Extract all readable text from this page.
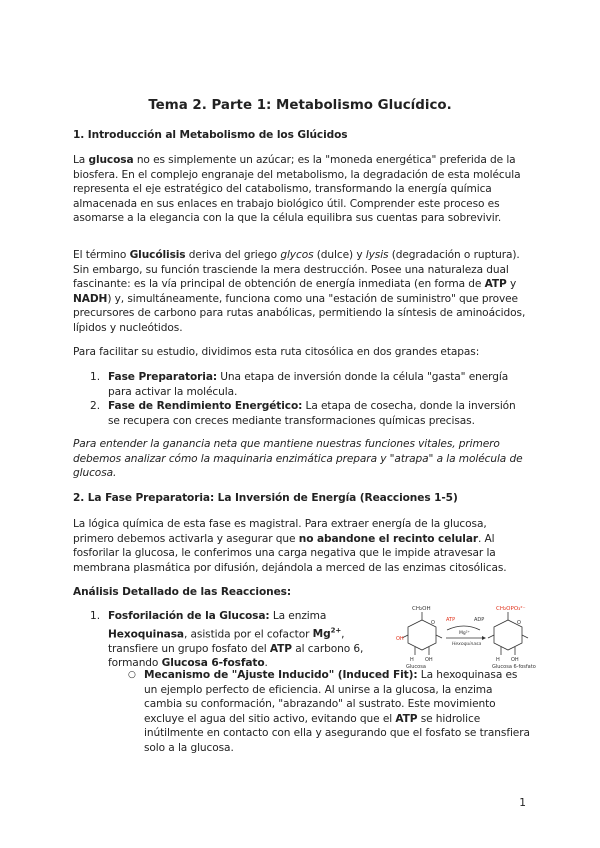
Tema 2. Parte 1: Metabolismo Glucídico.
1. Introducción al Metabolismo de los Glúcidos
La glucosa no es simplemente un azúcar; es la "moneda energética" preferida de la biosfera. En el complejo engranaje del metabolismo, la degradación de esta molécula representa el eje estratégico del catabolismo, transformando la energía química almacenada en sus enlaces en trabajo biológico útil. Comprender este proceso es asomarse a la elegancia con la que la célula equilibra sus cuentas para sobrevivir.
El término Glucólisis deriva del griego glycos (dulce) y lysis (degradación o ruptura). Sin embargo, su función trasciende la mera destrucción. Posee una naturaleza dual fascinante: es la vía principal de obtención de energía inmediata (en forma de ATP y NADH) y, simultáneamente, funciona como una "estación de suministro" que provee precursores de carbono para rutas anabólicas, permitiendo la síntesis de aminoácidos, lípidos y nucleótidos.
Para facilitar su estudio, dividimos esta ruta citosólica en dos grandes etapas:
1. Fase Preparatoria: Una etapa de inversión donde la célula "gasta" energía para activar la molécula.
2. Fase de Rendimiento Energético: La etapa de cosecha, donde la inversión se recupera con creces mediante transformaciones químicas precisas.
Para entender la ganancia neta que mantiene nuestras funciones vitales, primero debemos analizar cómo la maquinaria enzimática prepara y "atrapa" a la molécula de glucosa.
2. La Fase Preparatoria: La Inversión de Energía (Reacciones 1-5)
La lógica química de esta fase es magistral. Para extraer energía de la glucosa, primero debemos activarla y asegurar que no abandone el recinto celular. Al fosforilar la glucosa, le conferimos una carga negativa que le impide atravesar la membrana plasmática por difusión, dejándola a merced de las enzimas citosólicas.
Análisis Detallado de las Reacciones:
1. Fosforilación de la Glucosa: La enzima Hexoquinasa, asistida por el cofactor $Mg^{2+}$, transfiere un grupo fosfato del ATP al carbono 6, formando Glucosa 6-fosfato.
○ Mecanismo de "Ajuste Inducido" (Induced Fit): La hexoquinasa es un ejemplo perfecto de eficiencia. Al unirse a la glucosa, la enzima cambia su conformación, "abrazando" al sustrato. Este movimiento excluye el agua del sitio activo, evitando que el ATP se hidrolice inútilmente en contacto con ella y asegurando que el fosfato se transfiera solo a la glucosa.
CH₂OH
O
OH
H OH
Glucosa
ATP	ADP
Mg²⁺
Hexoquinasa
CH₂OPO₃²⁻
O
H OH
Glucosa 6-fosfato
1
